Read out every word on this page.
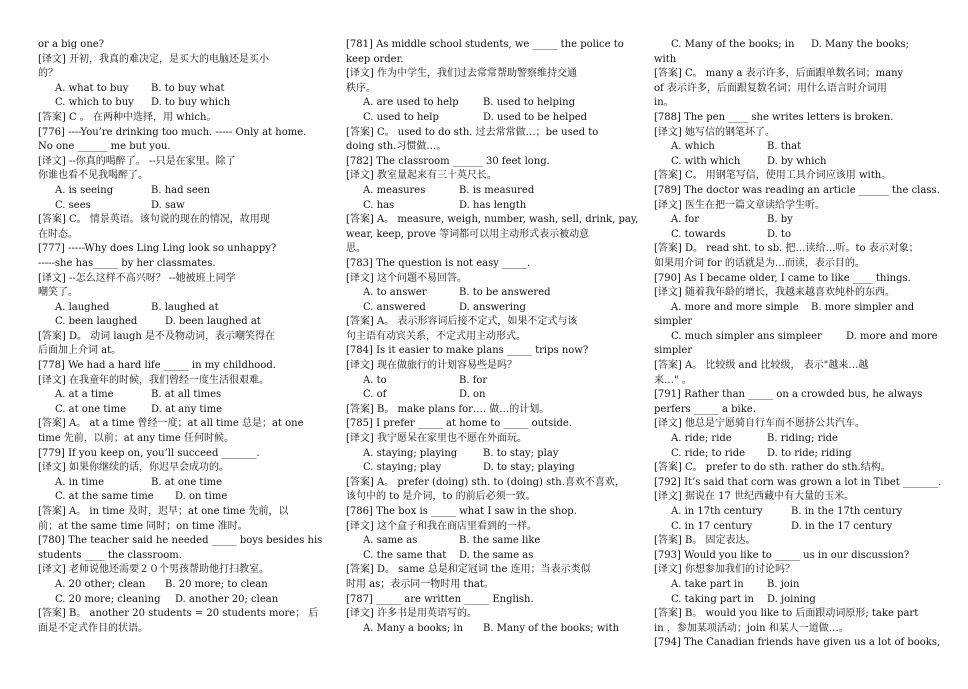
or a big one?
[译文] 开初，我真的难决定，是买大的电脑还是买小
的？
A. what to buy B. to buy what
C. which to buy D. to buy which
[答案] C 。 在两种中选择，用 which。
[776] ----You’re drinking too much. ----- Only at home.
No one ______ me but you.
[译文] --你真的喝醉了。 --只是在家里。除了
你谁也看不见我喝醉了。
A. is seeing	B. had seen
C. sees	D. saw
[答案] C。 情景英语。该句说的现在的情况，故用现
在时态。
[777] -----Why does Ling Ling look so unhappy?
-----she has_____ by her classmates.
[译文] --怎么这样不高兴呀？ --她被班上同学
嘲笑了。
A. laughed	B. laughed at
C. been laughed	D. been laughed at
[答案] D。 动词 laugh 是不及物动词，表示嘲笑得在
后面加上介词 at。
[778] We had a hard life _____ in my childhood.
[译文] 在我童年的时候，我们曾经一度生活很艰难。
A. at a time	B. at all times
C. at one time	D. at any time
[答案] A。 at a time 曾经一度；at all time 总是；at one
time 先前，以前；at any time 任何时候。
[779] If you keep on, you’ll succeed _______.
[译文] 如果你继续的话，你迟早会成功的。
A. in time	B. at one time
C. at the same time D. on time
[答案] A。 in time 及时，迟早；at one time 先前，以
前；at the same time 同时；on time 准时。
[780] The teacher said he needed _____ boys besides his
students ____ the classroom.
[译文] 老师说他还需要２０个男孩帮助他打扫教室。
A. 20 other; clean B. 20 more; to clean
C. 20 more; cleaning D. another 20; clean
[答案] B。 another 20 students = 20 students more； 后
面是不定式作目的状语。
[781] As middle school students, we _____ the police to
keep order.
[译文] 作为中学生，我们过去常常帮助警察维持交通
秩序。
A. are used to help B. used to helping
C. used to help	D. used to be helped
[答案] C。 used to do sth. 过去常常做…；be used to
doing sth.习惯做…。
[782] The classroom ______ 30 feet long.
[译文] 教室量起来有三十英尺长。
A. measures	B. is measured
C. has	D. has length
[答案] A。 measure, weigh, number, wash, sell, drink, pay,
wear, keep, prove 等词都可以用主动形式表示被动意
思。
[783] The question is not easy _____.
[译文] 这个问题不易回答。
A. to answer	B. to be answered
C. answered	D. answering
[答案] A。 表示形容词后接不定式，如果不定式与该
句主语有动宾关系，不定式用主动形式。
[784] Is it easier to make plans _____ trips now?
[译文] 现在做旅行的计划容易些是吗？
A. to	B. for
C. of	D. on
[答案] B。 make plans for…. 做…的计划。
[785] I prefer _____ at home to _____ outside.
[译文] 我宁愿呆在家里也不愿在外面玩。
A. staying; playing	B. to stay; play
C. staying; play	D. to stay; playing
[答案] A。 prefer (doing) sth. to (doing) sth.喜欢不喜欢，
该句中的 to 是介词，to 的前后必须一致。
[786] The box is _____ what I saw in the shop.
[译文] 这个盒子和我在商店里看到的一样。
A. same as	B. the same like
C. the same that D. the same as
[答案] D。 same 总是和定冠词 the 连用；当表示类似
时用 as；表示同一物时用 that。
[787] _____ are written _____ English.
[译文] 许多书是用英语写的。
A. Many a books; in B. Many of the books; with
C. Many of the books; in D. Many the books;
with
[答案] C。 many a 表示许多，后面跟单数名词；many
of 表示许多，后面跟复数名词；用什么语言时介词用
in。
[788] The pen ____ she writes letters is broken.
[译文] 她写信的钢笔坏了。
A. which	B. that
C. with which	D. by which
[答案] C。 用钢笔写信，使用工具介词应该用 with。
[789] The doctor was reading an article ______ the class.
[译文] 医生在把一篇文章读给学生听。
A. for	B. by
C. towards	D. to
[答案] D。 read sht. to sb. 把…读给…听。to 表示对象；
如果用介词 for 的话就是为…而读，表示目的。
[790] As I became older, I came to like ____ things.
[译文] 随着我年龄的增长，我越来越喜欢纯朴的东西。
A. more and more simple B. more simpler and
simpler
C. much simpler ans simpleer D. more and more
simpler
[答案] A。 比较级 and 比较级， 表示"越来…越
来…" 。
[791] Rather than _____ on a crowded bus, he always
perfers _____ a bike.
[译文] 他总是宁愿骑自行车而不愿挤公共汽车。
A. ride; ride	B. riding; ride
C. ride; to ride D. to ride; riding
[答案] C。 prefer to do sth. rather do sth.结构。
[792] It’s said that corn was grown a lot in Tibet _______.
[译文] 据说在 17 世纪西藏中有大量的玉米。
A. in 17th century	B. in the 17th century
C. in 17 century	D. in the 17 century
[答案] B。 固定表达。
[793] Would you like to _____ us in our discussion?
[译文] 你想参加我们的讨论吗？
A. take part in B. join
C. taking part in D. joining
[答案] B。 would you like to 后面跟动词原形; take part
in ，参加某项活动；join 和某人一道做…。
[794] The Canadian friends have given us a lot of books,
